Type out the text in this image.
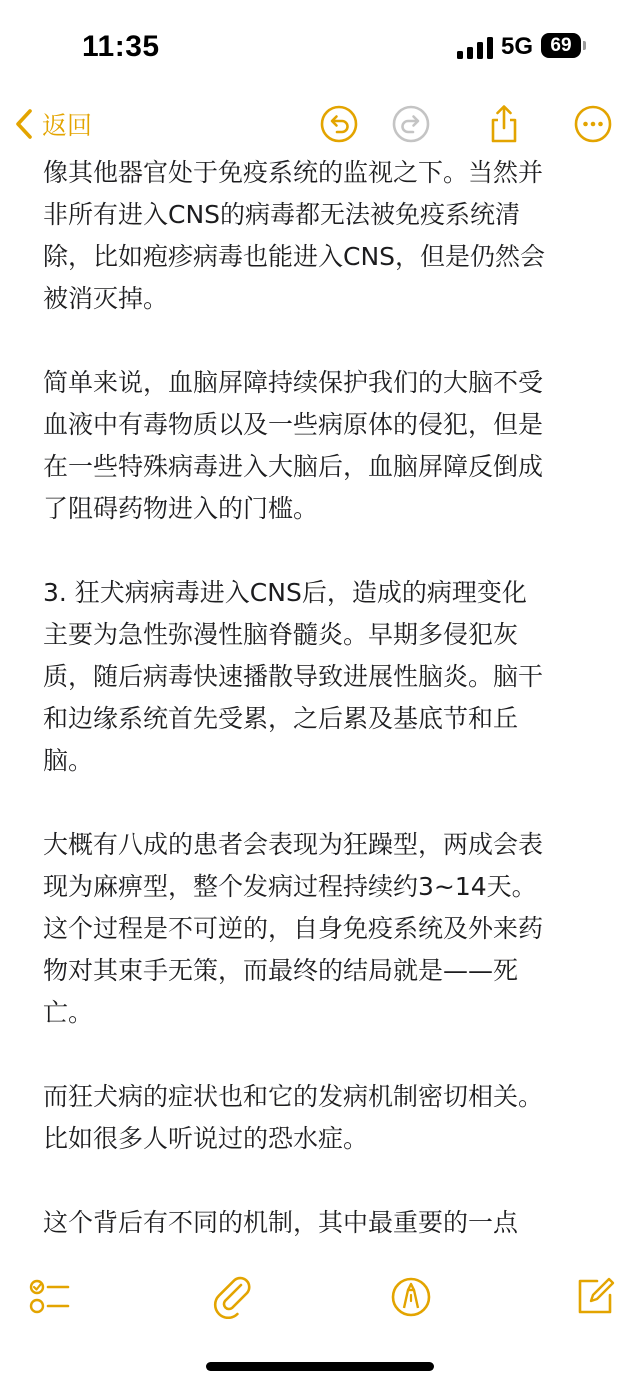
11:35	5G 69
返回

像其他器官处于免疫系统的监视之下。当然并
非所有进入CNS的病毒都无法被免疫系统清
除，比如疱疹病毒也能进入CNS，但是仍然会
被消灭掉。

简单来说，血脑屏障持续保护我们的大脑不受
血液中有毒物质以及一些病原体的侵犯，但是
在一些特殊病毒进入大脑后，血脑屏障反倒成
了阻碍药物进入的门槛。

3. 狂犬病病毒进入CNS后，造成的病理变化
主要为急性弥漫性脑脊髓炎。早期多侵犯灰
质，随后病毒快速播散导致进展性脑炎。脑干
和边缘系统首先受累，之后累及基底节和丘
脑。

大概有八成的患者会表现为狂躁型，两成会表
现为麻痹型，整个发病过程持续约3~14天。
这个过程是不可逆的，自身免疫系统及外来药
物对其束手无策，而最终的结局就是——死
亡。

而狂犬病的症状也和它的发病机制密切相关。
比如很多人听说过的恐水症。

这个背后有不同的机制，其中最重要的一点
